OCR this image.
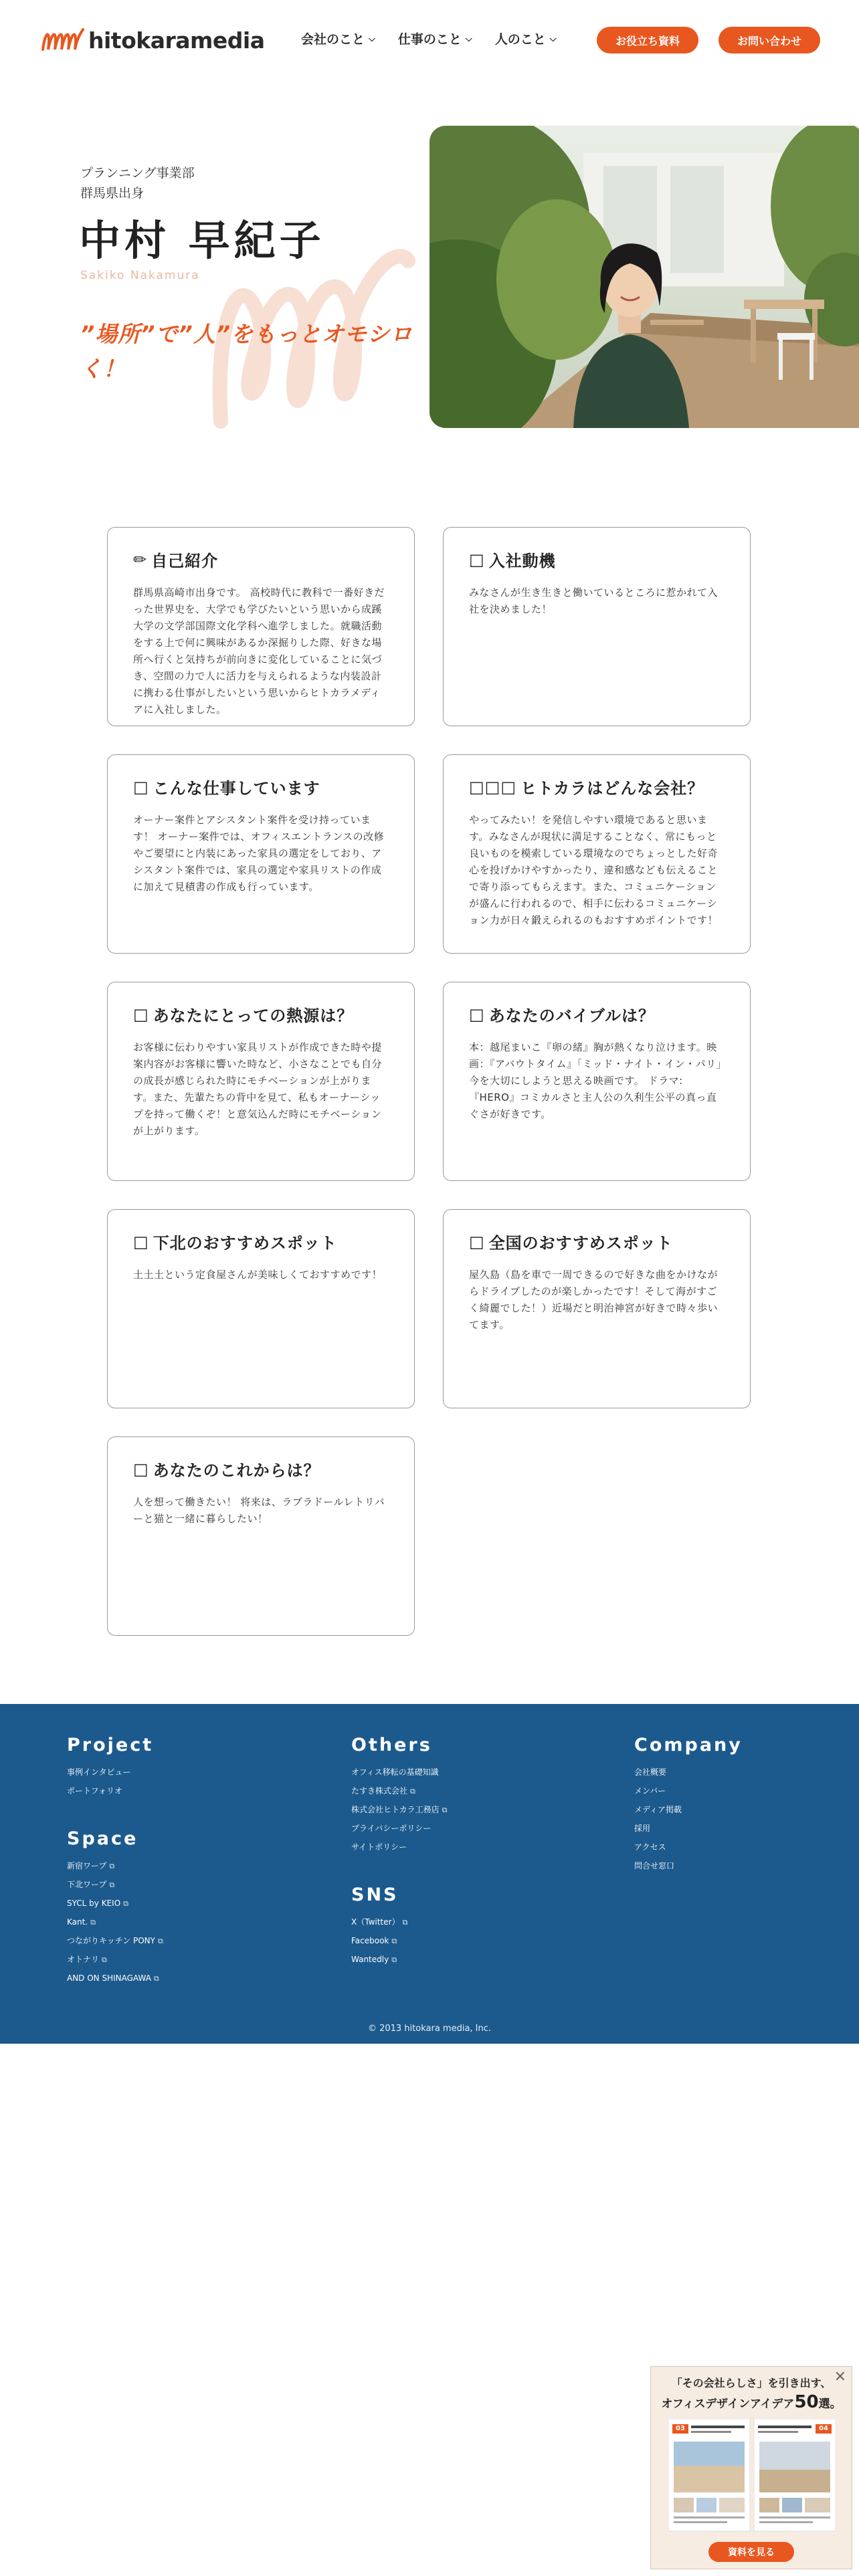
hitokaramedia	会社のこと ⌵ 仕事のこと ⌵ 人のこと ⌵	お役立ち資料	お問い合わせ
プランニング事業部
群馬県出身
中村 早紀子
Sakiko Nakamura
”場所”で”人”をもっとオモシロく！
✏ 自己紹介
群馬県高崎市出身です。 高校時代に教科で一番好きだった世界史を、大学でも学びたいという思いから成蹊大学の文学部国際文化学科へ進学しました。就職活動をする上で何に興味があるか深掘りした際、好きな場所へ行くと気持ちが前向きに変化していることに気づき、空間の力で人に活力を与えられるような内装設計に携わる仕事がしたいという思いからヒトカラメディアに入社しました。
□ 入社動機
みなさんが生き生きと働いているところに惹かれて入社を決めました！
□ こんな仕事しています
オーナー案件とアシスタント案件を受け持っています！ オーナー案件では、オフィスエントランスの改修やご要望にと内装にあった家具の選定をしており、アシスタント案件では、家具の選定や家具リストの作成に加えて見積書の作成も行っています。
□□□ ヒトカラはどんな会社？
やってみたい！を発信しやすい環境であると思います。みなさんが現状に満足することなく、常にもっと良いものを模索している環境なのでちょっとした好奇心を投げかけやすかったり、違和感なども伝えることで寄り添ってもらえます。また、コミュニケーションが盛んに行われるので、相手に伝わるコミュニケーション力が日々鍛えられるのもおすすめポイントです！
□ あなたにとっての熱源は？
お客様に伝わりやすい家具リストが作成できた時や提案内容がお客様に響いた時など、小さなことでも自分の成長が感じられた時にモチベーションが上がります。また、先輩たちの背中を見て、私もオーナーシップを持って働くぞ！と意気込んだ時にモチベーションが上がります。
□ あなたのバイブルは？
本：越尾まいこ『卵の緒』胸が熱くなり泣けます。映画：『アバウトタイム』「ミッド・ナイト・イン・パリ」今を大切にしようと思える映画です。 ドラマ:『HERO』コミカルさと主人公の久利生公平の真っ直ぐさが好きです。
□ 下北のおすすめスポット
土土土という定食屋さんが美味しくておすすめです！
□ 全国のおすすめスポット
屋久島（島を車で一周できるので好きな曲をかけながらドライブしたのが楽しかったです！そして海がすごく綺麗でした！）近場だと明治神宮が好きで時々歩いてます。
□ あなたのこれからは？
人を想って働きたい！ 将来は、ラブラドールレトリバーと猫と一緒に暮らしたい！
Project
事例インタビュー
ポートフォリオ
Space
新宿ワープ ⧉
下北ワープ ⧉
SYCL by KEIO ⧉
Kant. ⧉
つながりキッチン PONY ⧉
オトナリ ⧉
AND ON SHINAGAWA ⧉
Others
オフィス移転の基礎知識
たすき株式会社 ⧉
株式会社ヒトカラ工務店 ⧉
プライバシーポリシー
サイトポリシー
SNS
X（Twitter） ⧉
Facebook ⧉
Wantedly ⧉
Company
会社概要
メンバー
メディア掲載
採用
アクセス
問合せ窓口
© 2013 hitokara media, Inc.
×
「その会社らしさ」を引き出す、
オフィスデザインアイデア50選。
03	04
資料を見る
